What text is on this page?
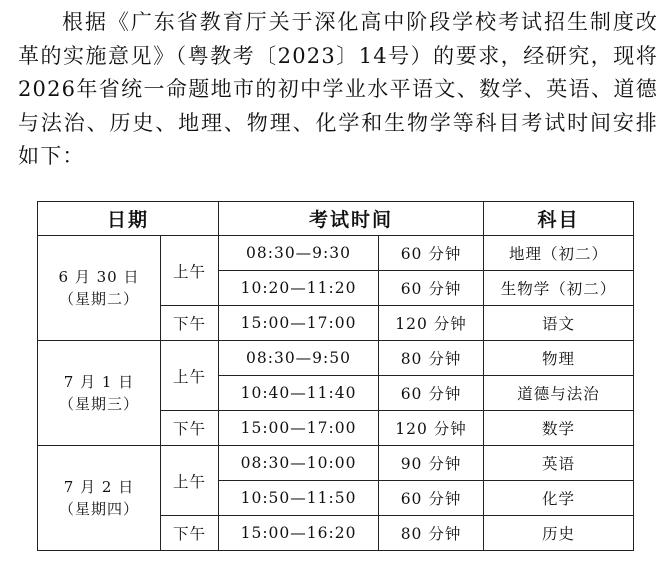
根据《广东省教育厅关于深化高中阶段学校考试招生制度改革的实施意见》（粤教考〔2023〕14号）的要求，经研究，现将2026年省统一命题地市的初中学业水平语文、数学、英语、道德与法治、历史、地理、物理、化学和生物学等科目考试时间安排如下：

日期		考试时间		科目

6 月 30 日
（星期二）	上午	08:30—9:30	60 分钟	地理（初二）
		10:20—11:20	60 分钟	生物学（初二）
	下午	15:00—17:00	120 分钟	语文

7 月 1 日
（星期三）	上午	08:30—9:50	80 分钟	物理
		10:40—11:40	60 分钟	道德与法治
	下午	15:00—17:00	120 分钟	数学

7 月 2 日
（星期四）	上午	08:30—10:00	90 分钟	英语
		10:50—11:50	60 分钟	化学
	下午	15:00—16:20	80 分钟	历史
